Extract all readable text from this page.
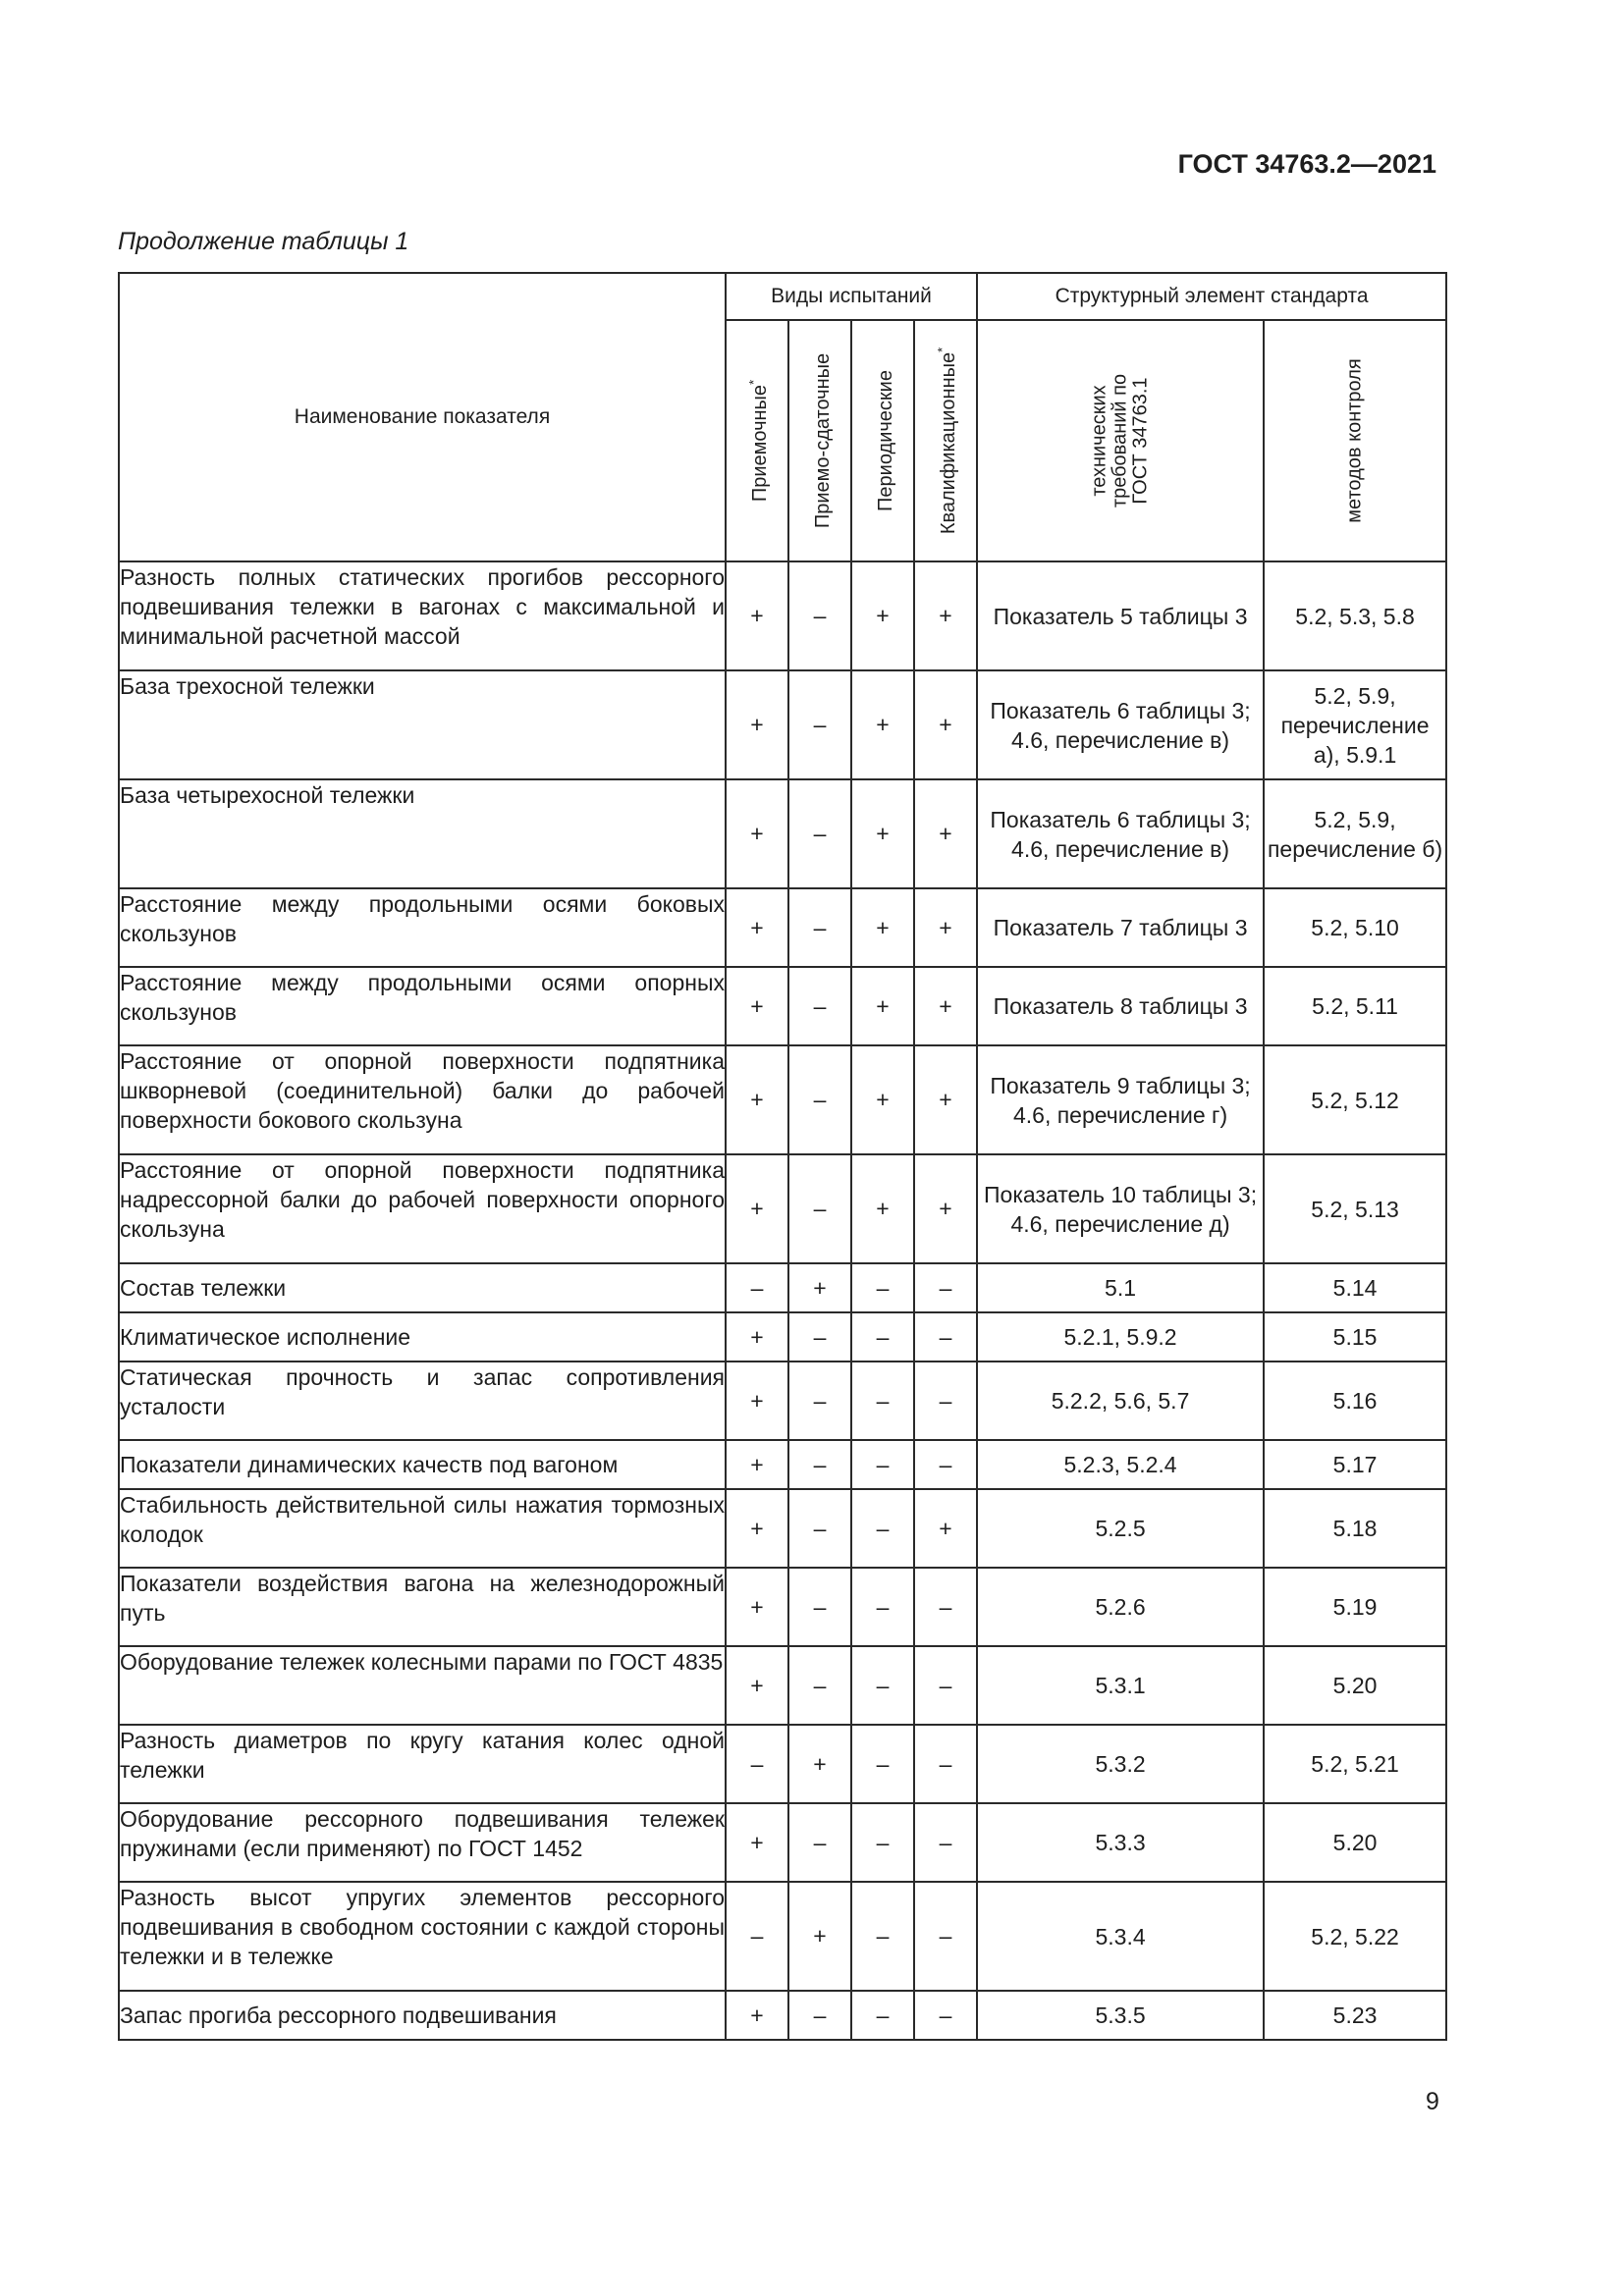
ГОСТ 34763.2—2021
Продолжение таблицы 1
Наименование показателя	Виды испытаний				Структурный элемент стандарта	

	Приемочные*	Приемо-сдаточные	Периодические	Квалификационные*	технических требований по ГОСТ 34763.1	методов контроля

Разность полных статических прогибов рессорного подвешивания тележки в вагонах с максимальной и минимальной расчетной массой	+	–	+	+	Показатель 5 таблицы 3	5.2, 5.3, 5.8
База трехосной тележки	+	–	+	+	Показатель 6 таблицы 3; 4.6, перечисление в)	5.2, 5.9, перечисление а), 5.9.1
База четырехосной тележки	+	–	+	+	Показатель 6 таблицы 3; 4.6, перечисление в)	5.2, 5.9, перечисление б)
Расстояние между продольными осями боковых скользунов	+	–	+	+	Показатель 7 таблицы 3	5.2, 5.10
Расстояние между продольными осями опорных скользунов	+	–	+	+	Показатель 8 таблицы 3	5.2, 5.11
Расстояние от опорной поверхности подпятника шкворневой (соединительной) балки до рабочей поверхности бокового скользуна	+	–	+	+	Показатель 9 таблицы 3; 4.6, перечисление г)	5.2, 5.12
Расстояние от опорной поверхности подпятника надрессорной балки до рабочей поверхности опорного скользуна	+	–	+	+	Показатель 10 таблицы 3; 4.6, перечисление д)	5.2, 5.13
Состав тележки	–	+	–	–	5.1	5.14
Климатическое исполнение	+	–	–	–	5.2.1, 5.9.2	5.15
Статическая прочность и запас сопротивления усталости	+	–	–	–	5.2.2, 5.6, 5.7	5.16
Показатели динамических качеств под вагоном	+	–	–	–	5.2.3, 5.2.4	5.17
Стабильность действительной силы нажатия тормозных колодок	+	–	–	+	5.2.5	5.18
Показатели воздействия вагона на железнодорожный путь	+	–	–	–	5.2.6	5.19
Оборудование тележек колесными парами по ГОСТ 4835	+	–	–	–	5.3.1	5.20
Разность диаметров по кругу катания колес одной тележки	–	+	–	–	5.3.2	5.2, 5.21
Оборудование рессорного подвешивания тележек пружинами (если применяют) по ГОСТ 1452	+	–	–	–	5.3.3	5.20
Разность высот упругих элементов рессорного подвешивания в свободном состоянии с каждой стороны тележки и в тележке	–	+	–	–	5.3.4	5.2, 5.22
Запас прогиба рессорного подвешивания	+	–	–	–	5.3.5	5.23
9
